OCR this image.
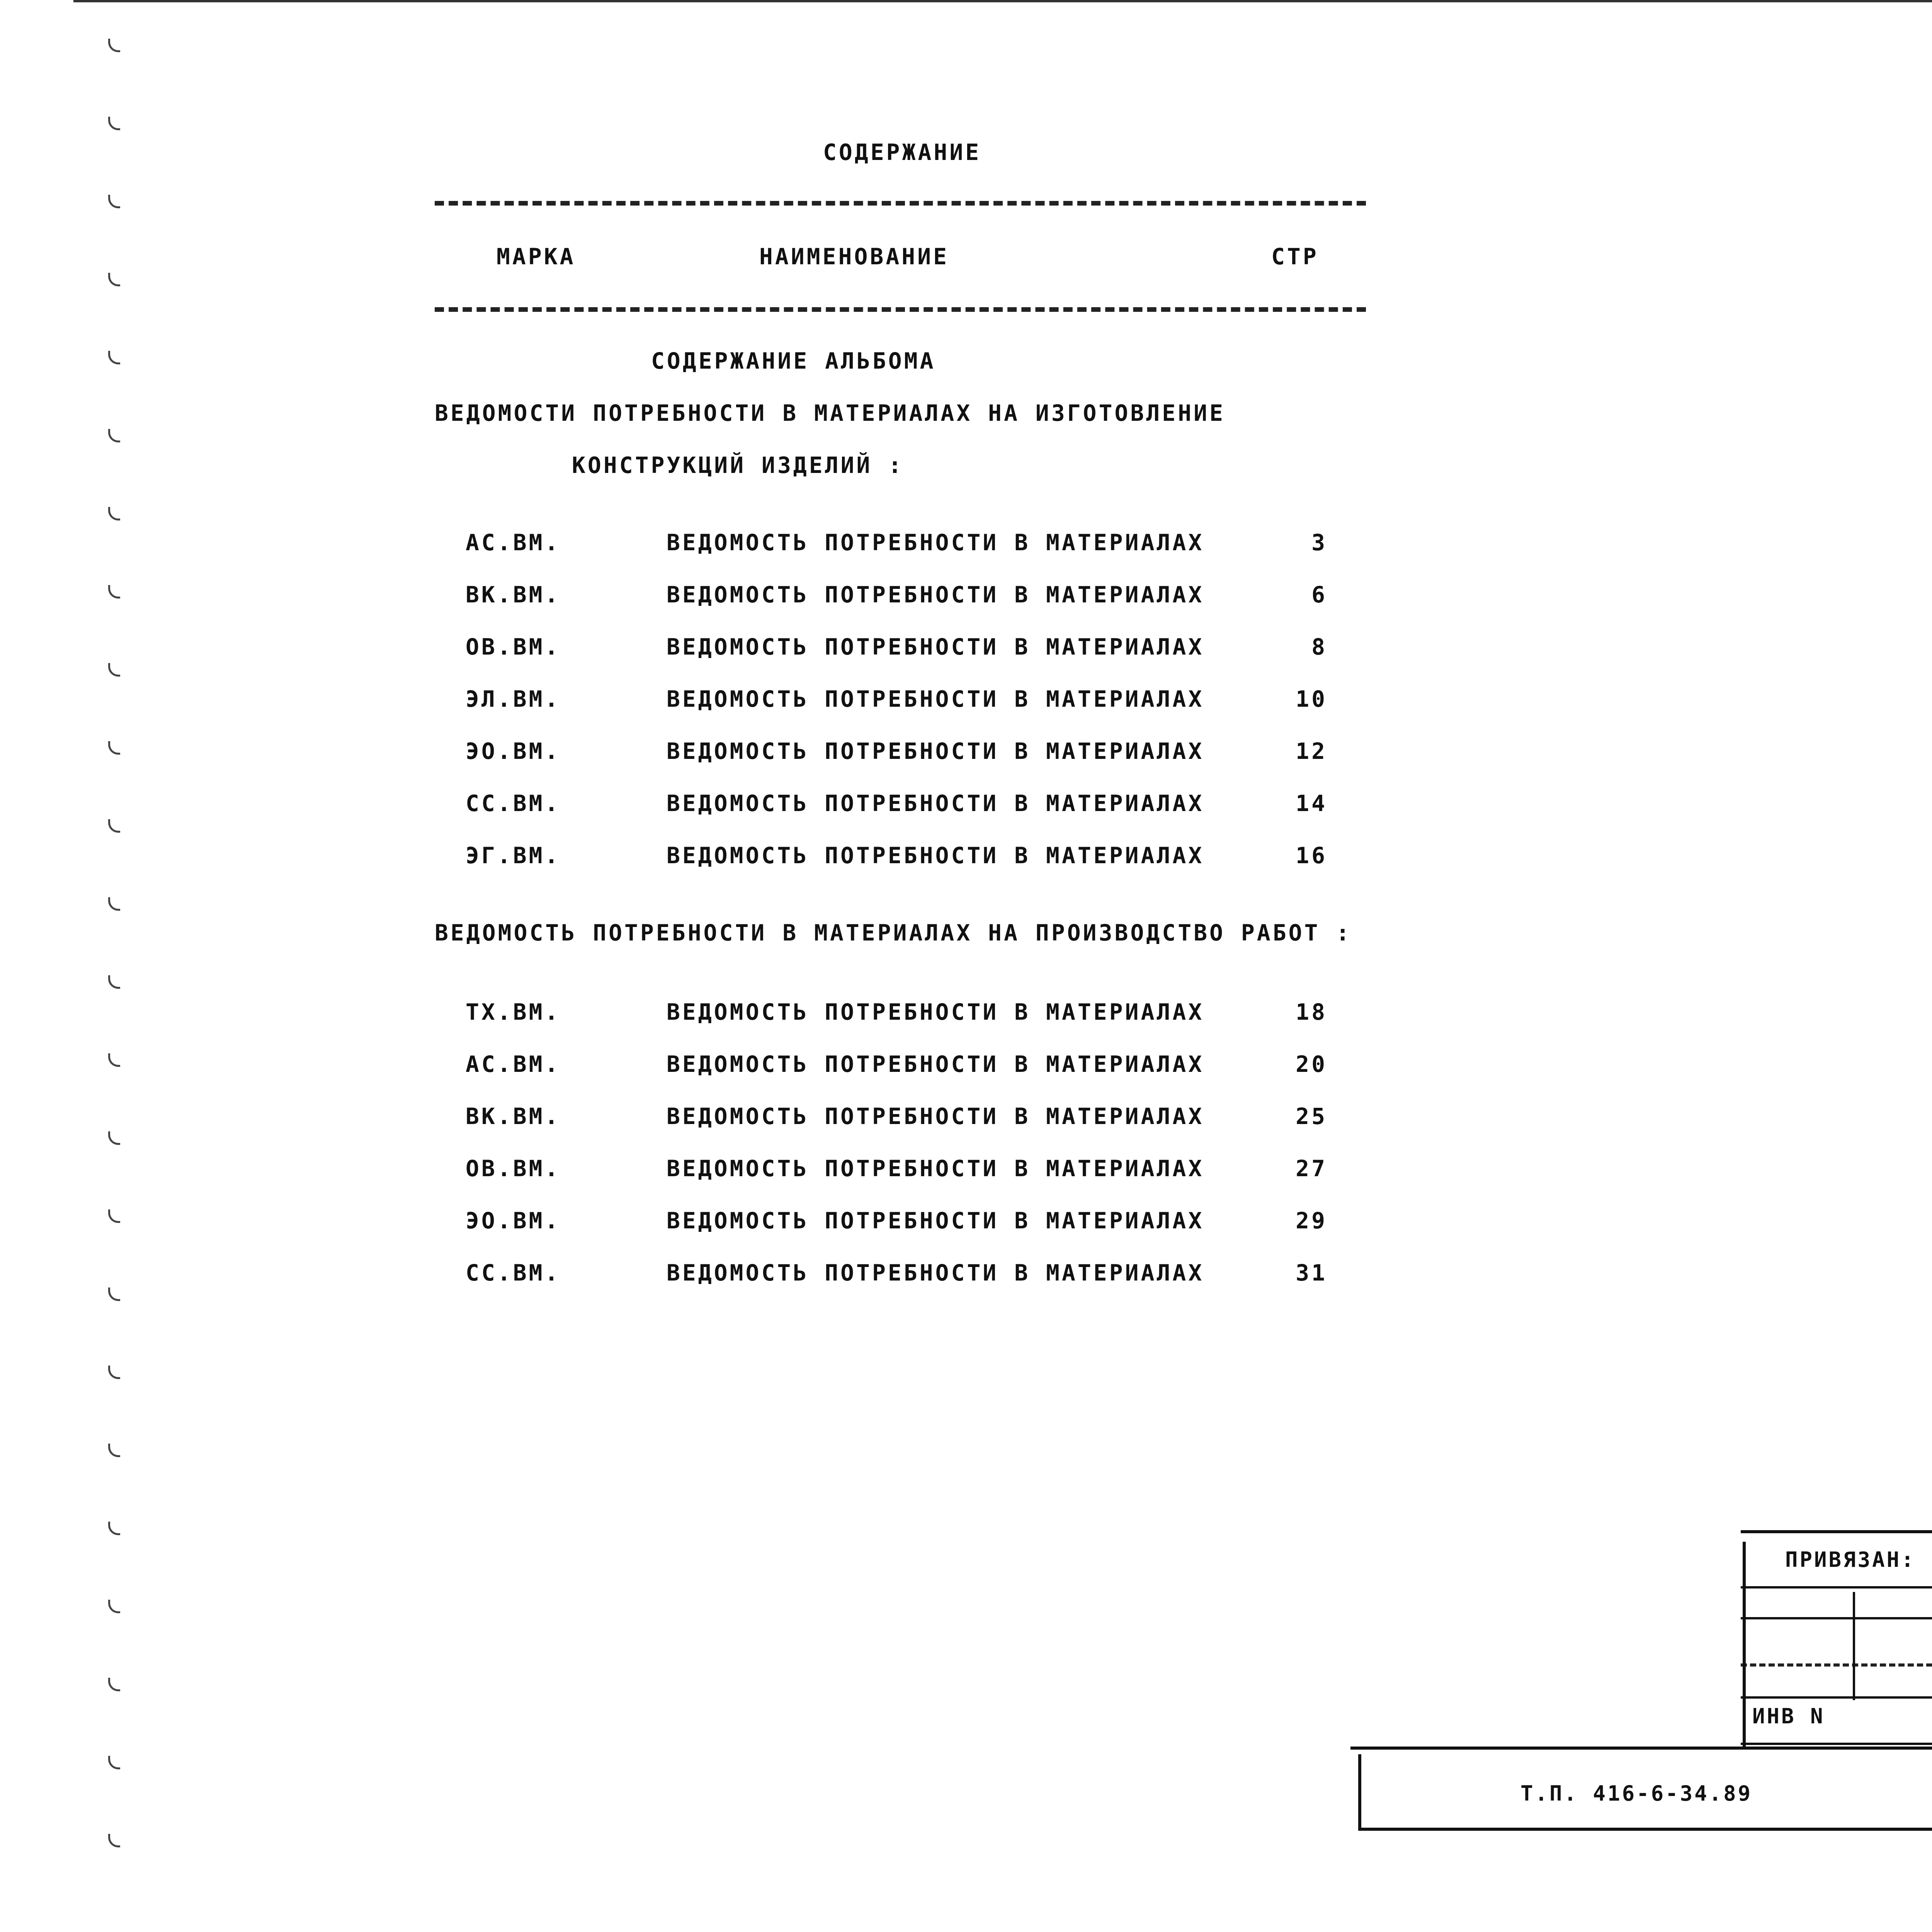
СОДЕРЖАНИЕ
МАРКА	НАИМЕНОВАНИЕ	СТР
СОДЕРЖАНИЕ АЛЬБОМА
ВЕДОМОСТИ ПОТРЕБНОСТИ В МАТЕРИАЛАХ НА ИЗГОТОВЛЕНИЕ
КОНСТРУКЦИЙ ИЗДЕЛИЙ :
АС.ВМ.	ВЕДОМОСТЬ ПОТРЕБНОСТИ В МАТЕРИАЛАХ	3
ВК.ВМ.	ВЕДОМОСТЬ ПОТРЕБНОСТИ В МАТЕРИАЛАХ	6
ОВ.ВМ.	ВЕДОМОСТЬ ПОТРЕБНОСТИ В МАТЕРИАЛАХ	8
ЭЛ.ВМ.	ВЕДОМОСТЬ ПОТРЕБНОСТИ В МАТЕРИАЛАХ	10
ЭО.ВМ.	ВЕДОМОСТЬ ПОТРЕБНОСТИ В МАТЕРИАЛАХ	12
СС.ВМ.	ВЕДОМОСТЬ ПОТРЕБНОСТИ В МАТЕРИАЛАХ	14
ЭГ.ВМ.	ВЕДОМОСТЬ ПОТРЕБНОСТИ В МАТЕРИАЛАХ	16
ВЕДОМОСТЬ ПОТРЕБНОСТИ В МАТЕРИАЛАХ НА ПРОИЗВОДСТВО РАБОТ :
ТХ.ВМ.	ВЕДОМОСТЬ ПОТРЕБНОСТИ В МАТЕРИАЛАХ	18
АС.ВМ.	ВЕДОМОСТЬ ПОТРЕБНОСТИ В МАТЕРИАЛАХ	20
ВК.ВМ.	ВЕДОМОСТЬ ПОТРЕБНОСТИ В МАТЕРИАЛАХ	25
ОВ.ВМ.	ВЕДОМОСТЬ ПОТРЕБНОСТИ В МАТЕРИАЛАХ	27
ЭО.ВМ.	ВЕДОМОСТЬ ПОТРЕБНОСТИ В МАТЕРИАЛАХ	29
СС.ВМ.	ВЕДОМОСТЬ ПОТРЕБНОСТИ В МАТЕРИАЛАХ	31
ПРИВЯЗАН:
ИНВ N
Т.П. 416-6-34.89
